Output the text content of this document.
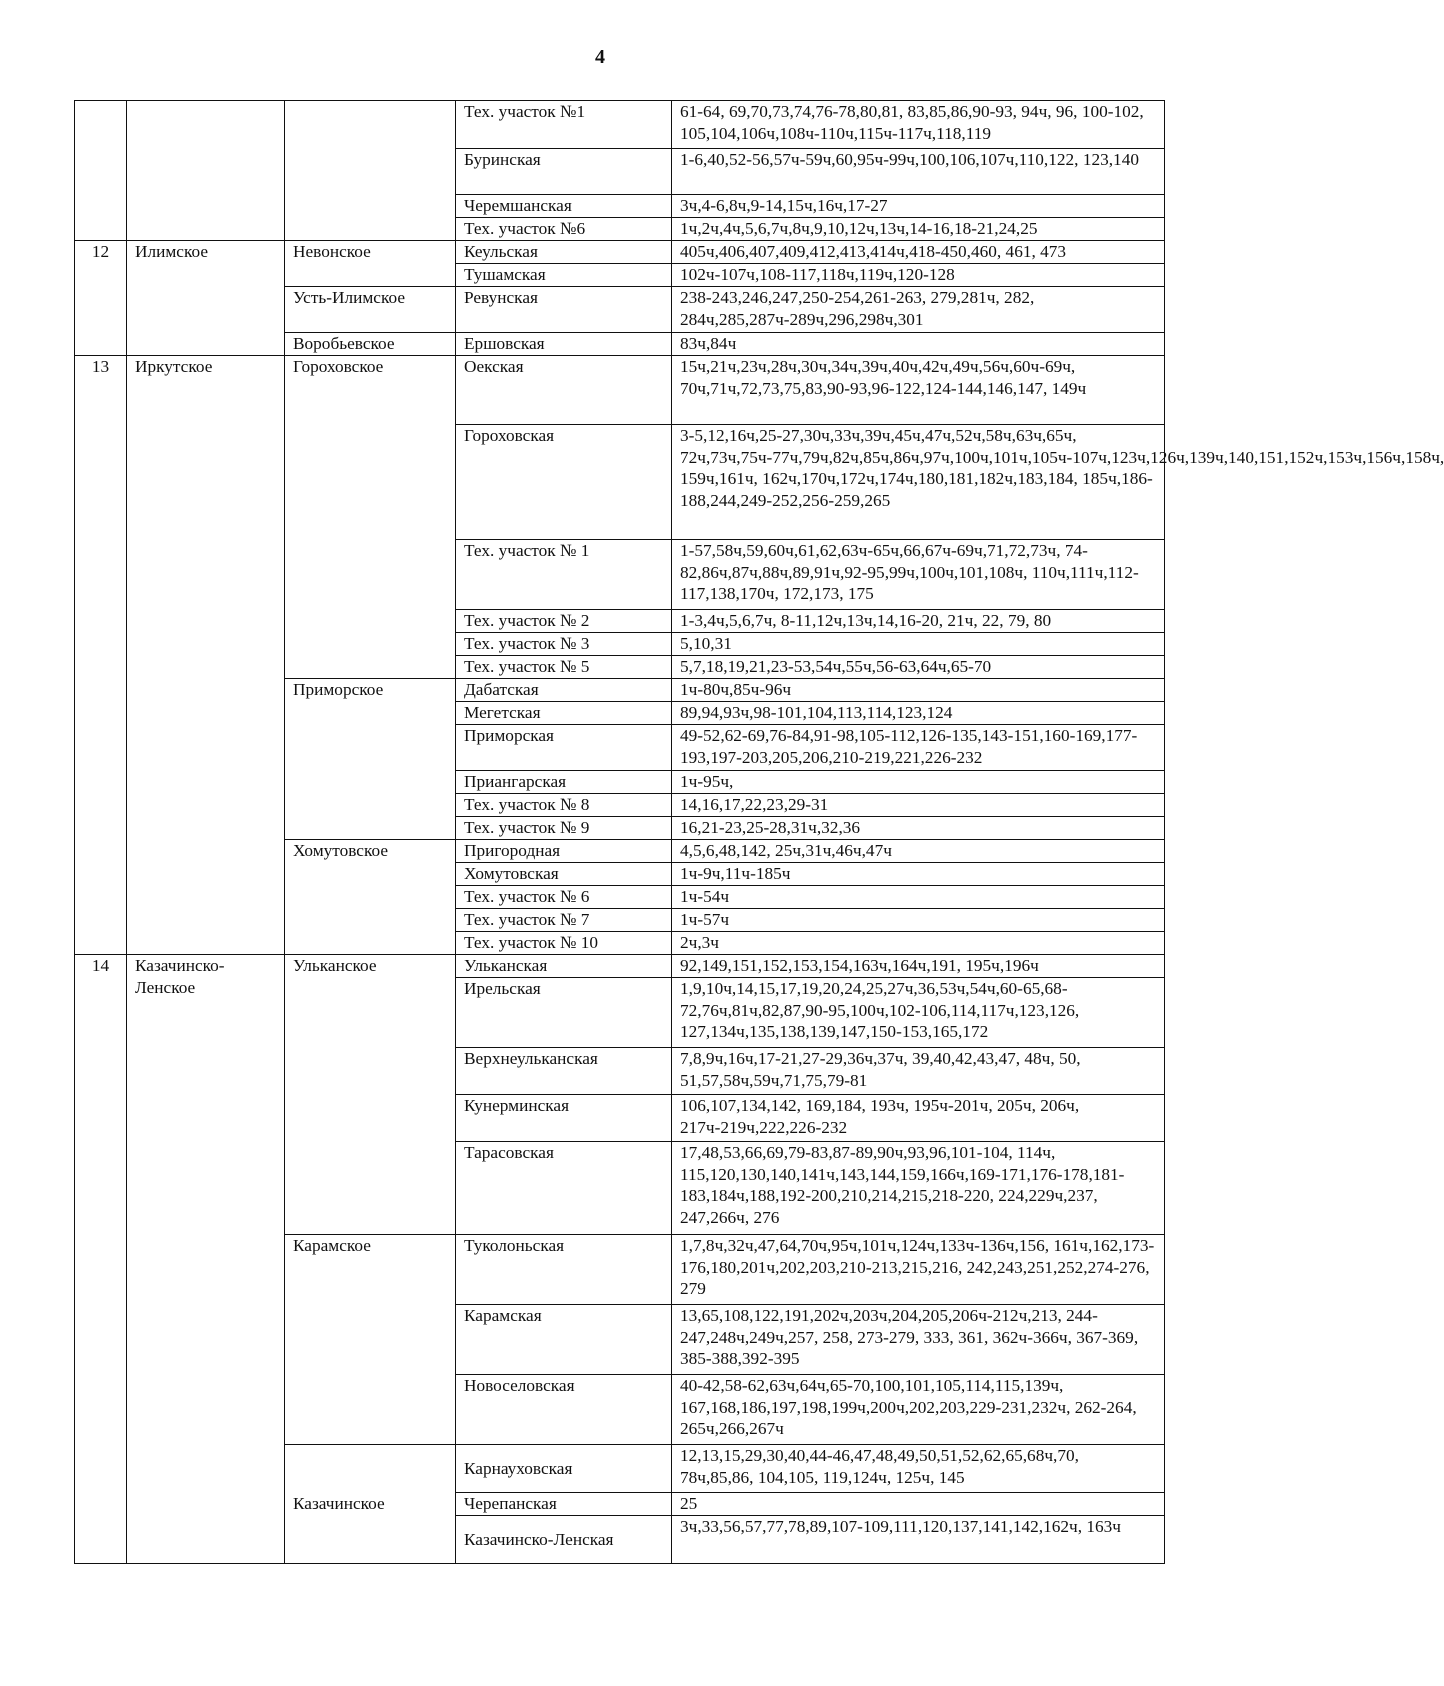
4
			Тех. участок №1	61-64, 69,70,73,74,76-78,80,81, 83,85,86,90-93, 94ч, 96, 100-102, 105,104,106ч,108ч-110ч,115ч-117ч,118,119
			Буринская	1-6,40,52-56,57ч-59ч,60,95ч-99ч,100,106,107ч,110,122, 123,140
			Черемшанская	3ч,4-6,8ч,9-14,15ч,16ч,17-27
			Тех. участок №6	1ч,2ч,4ч,5,6,7ч,8ч,9,10,12ч,13ч,14-16,18-21,24,25
12	Илимское	Невонское	Кеульская	405ч,406,407,409,412,413,414ч,418-450,460, 461, 473
			Тушамская	102ч-107ч,108-117,118ч,119ч,120-128
		Усть-Илимское	Ревунская	238-243,246,247,250-254,261-263, 279,281ч, 282, 284ч,285,287ч-289ч,296,298ч,301
		Воробьевское	Ершовская	83ч,84ч
13	Иркутское	Гороховское	Оекская	15ч,21ч,23ч,28ч,30ч,34ч,39ч,40ч,42ч,49ч,56ч,60ч-69ч, 70ч,71ч,72,73,75,83,90-93,96-122,124-144,146,147, 149ч
			Гороховская	3-5,12,16ч,25-27,30ч,33ч,39ч,45ч,47ч,52ч,58ч,63ч,65ч, 72ч,73ч,75ч-77ч,79ч,82ч,85ч,86ч,97ч,100ч,101ч,105ч-107ч,123ч,126ч,139ч,140,151,152ч,153ч,156ч,158ч, 159ч,161ч, 162ч,170ч,172ч,174ч,180,181,182ч,183,184, 185ч,186-188,244,249-252,256-259,265
			Тех. участок № 1	1-57,58ч,59,60ч,61,62,63ч-65ч,66,67ч-69ч,71,72,73ч, 74-82,86ч,87ч,88ч,89,91ч,92-95,99ч,100ч,101,108ч, 110ч,111ч,112-117,138,170ч, 172,173, 175
			Тех. участок № 2	1-3,4ч,5,6,7ч, 8-11,12ч,13ч,14,16-20, 21ч, 22, 79, 80
			Тех. участок № 3	5,10,31
			Тех. участок № 5	5,7,18,19,21,23-53,54ч,55ч,56-63,64ч,65-70
		Приморское	Дабатская	1ч-80ч,85ч-96ч
			Мегетская	89,94,93ч,98-101,104,113,114,123,124
			Приморская	49-52,62-69,76-84,91-98,105-112,126-135,143-151,160-169,177-193,197-203,205,206,210-219,221,226-232
			Приангарская	1ч-95ч,
			Тех. участок № 8	14,16,17,22,23,29-31
			Тех. участок № 9	16,21-23,25-28,31ч,32,36
		Хомутовское	Пригородная	4,5,6,48,142, 25ч,31ч,46ч,47ч
			Хомутовская	1ч-9ч,11ч-185ч
			Тех. участок № 6	1ч-54ч
			Тех. участок № 7	1ч-57ч
			Тех. участок № 10	2ч,3ч
14	Казачинско-Ленское	Ульканское	Ульканская	92,149,151,152,153,154,163ч,164ч,191, 195ч,196ч
			Ирельская	1,9,10ч,14,15,17,19,20,24,25,27ч,36,53ч,54ч,60-65,68-72,76ч,81ч,82,87,90-95,100ч,102-106,114,117ч,123,126, 127,134ч,135,138,139,147,150-153,165,172
			Верхнеульканская	7,8,9ч,16ч,17-21,27-29,36ч,37ч, 39,40,42,43,47, 48ч, 50, 51,57,58ч,59ч,71,75,79-81
			Кунерминская	106,107,134,142, 169,184, 193ч, 195ч-201ч, 205ч, 206ч, 217ч-219ч,222,226-232
			Тарасовская	17,48,53,66,69,79-83,87-89,90ч,93,96,101-104, 114ч, 115,120,130,140,141ч,143,144,159,166ч,169-171,176-178,181-183,184ч,188,192-200,210,214,215,218-220, 224,229ч,237, 247,266ч, 276
		Карамское	Туколоньская	1,7,8ч,32ч,47,64,70ч,95ч,101ч,124ч,133ч-136ч,156, 161ч,162,173-176,180,201ч,202,203,210-213,215,216, 242,243,251,252,274-276, 279
			Карамская	13,65,108,122,191,202ч,203ч,204,205,206ч-212ч,213, 244-247,248ч,249ч,257, 258, 273-279, 333, 361, 362ч-366ч, 367-369, 385-388,392-395
			Новоселовская	40-42,58-62,63ч,64ч,65-70,100,101,105,114,115,139ч, 167,168,186,197,198,199ч,200ч,202,203,229-231,232ч, 262-264, 265ч,266,267ч
		Казачинское	Карнауховская	12,13,15,29,30,40,44-46,47,48,49,50,51,52,62,65,68ч,70, 78ч,85,86, 104,105, 119,124ч, 125ч, 145
			Черепанская	25
			Казачинско-Ленская	3ч,33,56,57,77,78,89,107-109,111,120,137,141,142,162ч, 163ч
